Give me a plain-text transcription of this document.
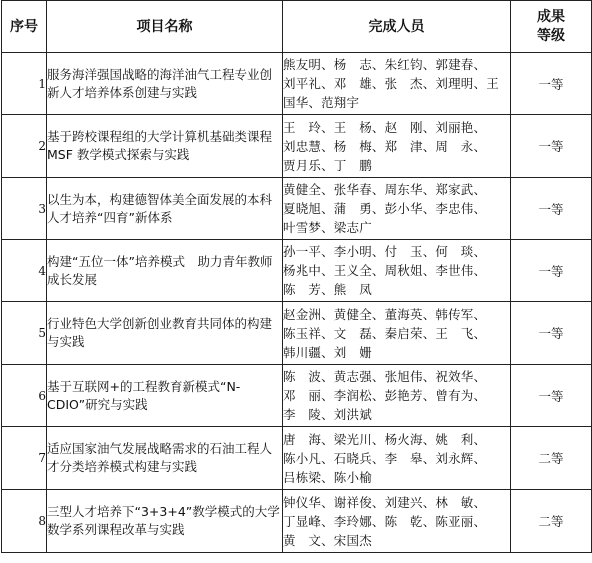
序号	项目名称	完成人员	成果等级
1	服务海洋强国战略的海洋油气工程专业创新人才培养体系创建与实践	熊友明、杨　志、朱红钧、郭建春、
刘平礼、邓　雄、张　杰、刘理明、王
国华、范翔宇	一等
2	基于跨校课程组的大学计算机基础类课程 MSF 教学模式探索与实践	王　玲、王　杨、赵　刚、刘丽艳、
刘忠慧、杨　梅、郑　津、周　永、
贾月乐、丁　鹏	一等
3	以生为本，构建德智体美全面发展的本科人才培养“四育”新体系	黄健全、张华春、周东华、郑家武、
夏晓旭、蒲　勇、彭小华、李忠伟、
叶雪梦、梁志广	一等
4	构建“五位一体”培养模式　助力青年教师成长发展	孙一平、李小明、付　玉、何　琰、
杨兆中、王义全、周秋姐、李世伟、
陈　芳、熊　凤	一等
5	行业特色大学创新创业教育共同体的构建与实践	赵金洲、黄健全、董海英、韩传军、
陈玉祥、文　磊、秦启荣、王　飞、
韩川疆、刘　姗	一等
6	基于互联网+的工程教育新模式“N-CDIO”研究与实践	陈　波、黄志强、张旭伟、祝效华、
邓　丽、李润松、彭艳芳、曾有为、
李　陵、刘洪斌	一等
7	适应国家油气发展战略需求的石油工程人才分类培养模式构建与实践	唐　海、梁光川、杨火海、姚　利、
陈小凡、石晓兵、李　皋、刘永辉、
吕栋梁、陈小榆	二等
8	三型人才培养下“3+3+4”教学模式的大学数学系列课程改革与实践	钟仪华、谢祥俊、刘建兴、林　敏、
丁显峰、李玲娜、陈　乾、陈亚丽、
黄　文、宋国杰	二等
